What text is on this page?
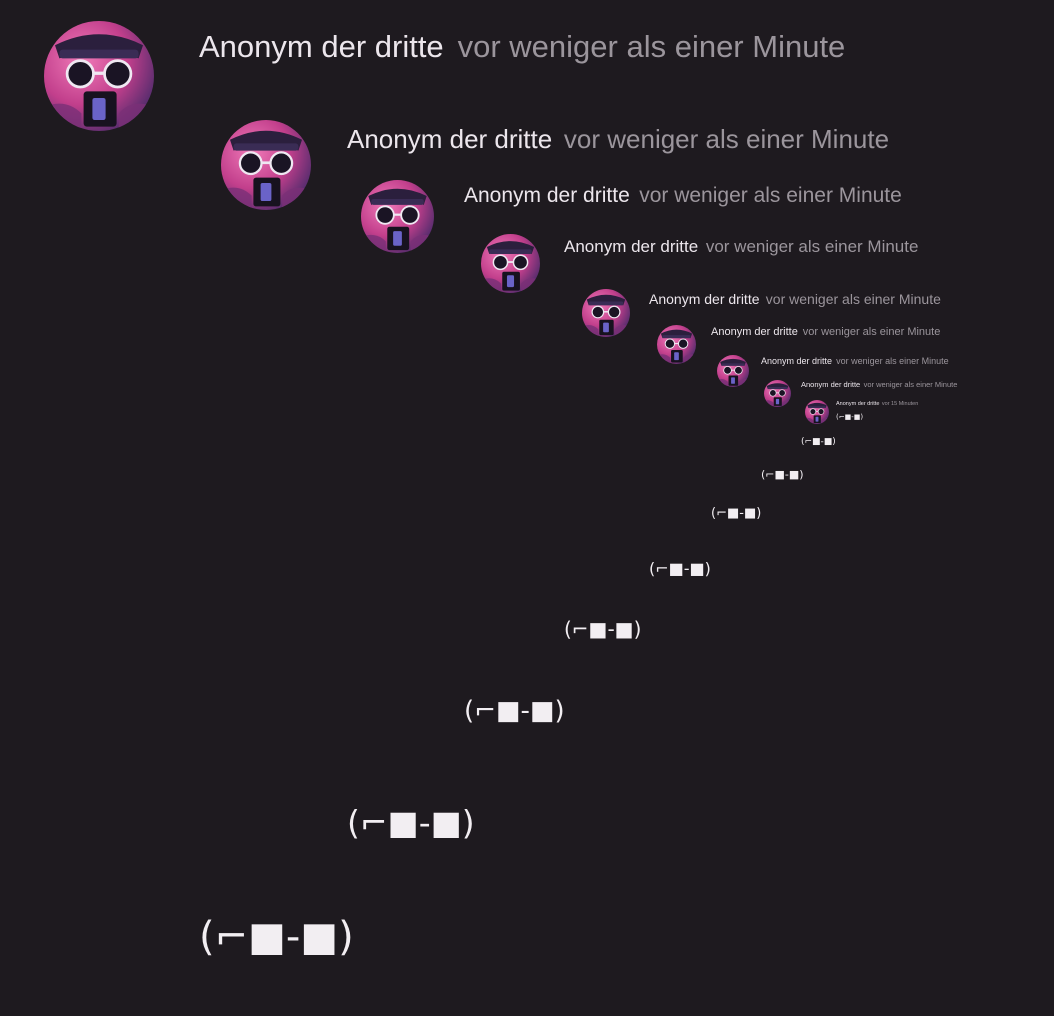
Anonym der dritte vor weniger als einer Minute
(⌐■-■)
Anonym der dritte vor weniger als einer Minute
(⌐■-■)
Anonym der dritte vor weniger als einer Minute
(⌐■-■)
Anonym der dritte vor weniger als einer Minute
(⌐■-■)
Anonym der dritte vor weniger als einer Minute
(⌐■-■)
Anonym der dritte vor weniger als einer Minute
(⌐■-■)
Anonym der dritte vor weniger als einer Minute
(⌐■-■)
Anonym der dritte vor weniger als einer Minute
(⌐■-■)
Anonym der dritte vor 15 Minuten
(⌐■-■)
